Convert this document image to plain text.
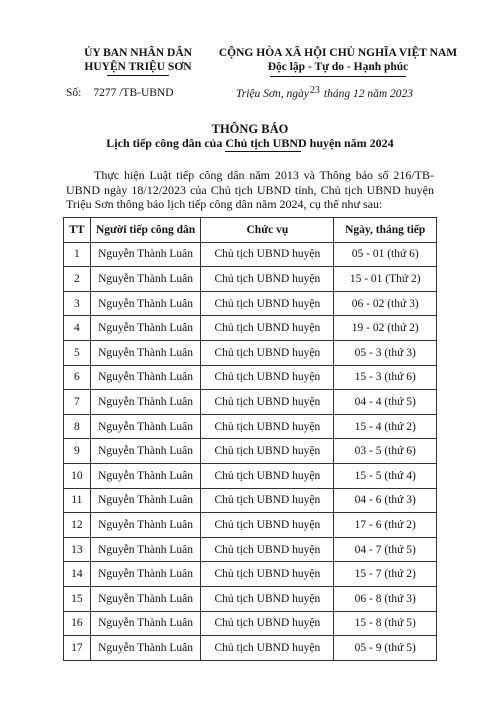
ỦY BAN NHÂN DÂN
HUYỆN TRIỆU SƠN
CỘNG HÒA XÃ HỘI CHỦ NGHĨA VIỆT NAM
Độc lập - Tự do - Hạnh phúc
Số: 7277 /TB-UBND	Triệu Sơn, ngày23 tháng 12 năm 2023
THÔNG BÁO
Lịch tiếp công dân của Chủ tịch UBND huyện năm 2024
Thực hiện Luật tiếp công dân năm 2013 và Thông báo số 216/TB-UBND ngày 18/12/2023 của Chủ tịch UBND tỉnh, Chủ tịch UBND huyện Triệu Sơn thông báo lịch tiếp công dân năm 2024, cụ thể như sau:
TT	Người tiếp công dân	Chức vụ	Ngày, tháng tiếp
1	Nguyễn Thành Luân	Chủ tịch UBND huyện	05 - 01 (thứ 6)
2	Nguyễn Thành Luân	Chủ tịch UBND huyện	15 - 01 (Thứ 2)
3	Nguyễn Thành Luân	Chủ tịch UBND huyện	06 - 02 (thứ 3)
4	Nguyễn Thành Luân	Chủ tịch UBND huyện	19 - 02 (thứ 2)
5	Nguyễn Thành Luân	Chủ tịch UBND huyện	05 - 3 (thứ 3)
6	Nguyễn Thành Luân	Chủ tịch UBND huyện	15 - 3 (thứ 6)
7	Nguyễn Thành Luân	Chủ tịch UBND huyện	04 - 4 (thứ 5)
8	Nguyễn Thành Luân	Chủ tịch UBND huyện	15 - 4 (thứ 2)
9	Nguyễn Thành Luân	Chủ tịch UBND huyện	03 - 5 (thứ 6)
10	Nguyễn Thành Luân	Chủ tịch UBND huyện	15 - 5 (thứ 4)
11	Nguyễn Thành Luân	Chủ tịch UBND huyện	04 - 6 (thứ 3)
12	Nguyễn Thành Luân	Chủ tịch UBND huyện	17 - 6 (thứ 2)
13	Nguyễn Thành Luân	Chủ tịch UBND huyện	04 - 7 (thứ 5)
14	Nguyễn Thành Luân	Chủ tịch UBND huyện	15 - 7 (thứ 2)
15	Nguyễn Thành Luân	Chủ tịch UBND huyện	06 - 8 (thứ 3)
16	Nguyễn Thành Luân	Chủ tịch UBND huyện	15 - 8 (thứ 5)
17	Nguyễn Thành Luân	Chủ tịch UBND huyện	05 - 9 (thứ 5)
